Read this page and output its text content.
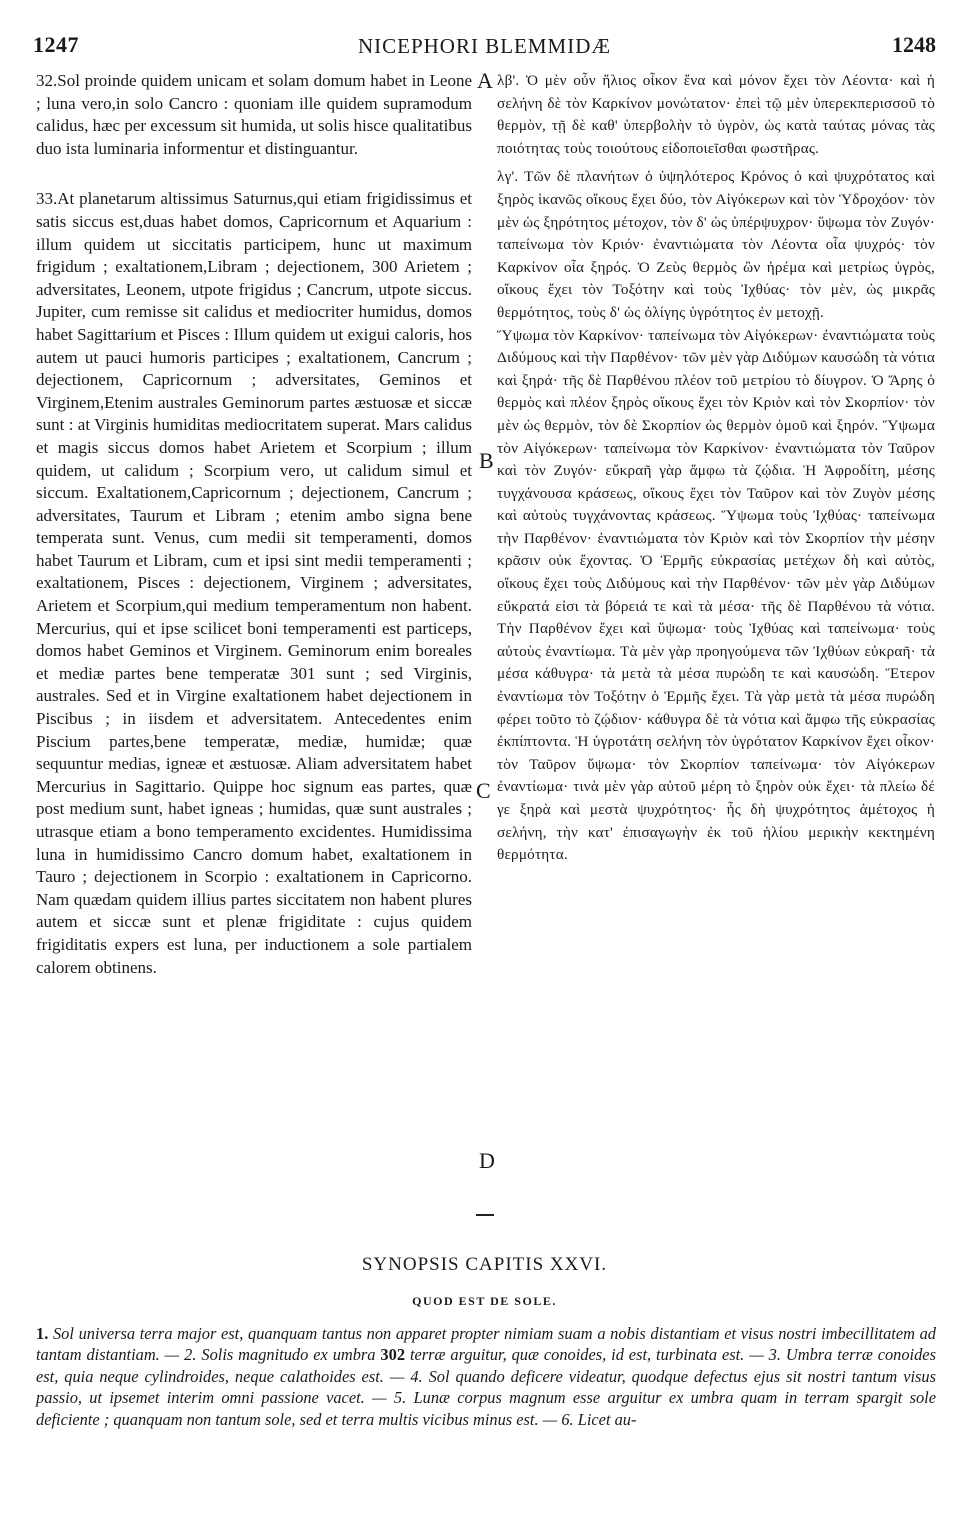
1247	NICEPHORI BLEMMIDÆ	1248

32.Sol proinde quidem unicam et solam domum habet in Leone ; luna vero,in solo Cancro : quoniam ille quidem supramodum calidus, hæc per excessum sit humida, ut solis hisce qualitatibus duo ista luminaria informentur et distinguantur.

33.At planetarum altissimus Saturnus,qui etiam frigidissimus et satis siccus est,duas habet domos, Capricornum et Aquarium : illum quidem ut siccitatis participem, hunc ut maximum frigidum ; exaltationem,Libram ; dejectionem, 300 Arietem ; adversitates, Leonem, utpote frigidus ; Cancrum, utpote siccus. Jupiter, cum remisse sit calidus et mediocriter humidus, domos habet Sagittarium et Pisces : Illum quidem ut exigui caloris, hos autem ut pauci humoris participes ; exaltationem, Cancrum ; dejectionem, Capricornum ; adversitates, Geminos et Virginem,Etenim australes Geminorum partes æstuosæ et siccæ sunt : at Virginis humiditas mediocritatem superat. Mars calidus et magis siccus domos habet Arietem et Scorpium ; illum quidem, ut calidum ; Scorpium vero, ut calidum simul et siccum. Exaltationem,Capricornum ; dejectionem, Cancrum ; adversitates, Taurum et Libram ; etenim ambo signa bene temperata sunt. Venus, cum medii sit temperamenti, domos habet Taurum et Libram, cum et ipsi sint medii temperamenti ; exaltationem, Pisces : dejectionem, Virginem ; adversitates, Arietem et Scorpium,qui medium temperamentum non habent. Mercurius, qui et ipse scilicet boni temperamenti est particeps, domos habet Geminos et Virginem. Geminorum enim boreales et mediæ partes bene temperatæ 301 sunt ; sed Virginis, australes. Sed et in Virgine exaltationem habet dejectionem in Piscibus ; in iisdem et adversitatem. Antecedentes enim Piscium partes,bene temperatæ, mediæ, humidæ; quæ sequuntur medias, igneæ et æstuosæ. Aliam adversitatem habet Mercurius in Sagittario. Quippe hoc signum eas partes, quæ post medium sunt, habet igneas ; humidas, quæ sunt australes ; utrasque etiam a bono temperamento excidentes. Humidissima luna in humidissimo Cancro domum habet, exaltationem in Tauro ; dejectionem in Scorpio : exaltationem in Capricorno. Nam quædam quidem illius partes siccitatem non habent plures autem et siccæ sunt et plenæ frigiditate : cujus quidem frigiditatis expers est luna, per inductionem a sole partialem calorem obtinens.

λβ'. Ὁ μὲν οὖν ἥλιος οἶκον ἕνα καὶ μόνον ἔχει τὸν Λέοντα· καὶ ἡ σελήνη δὲ τὸν Καρκίνον μονώτατον· ἐπεὶ τῷ μὲν ὑπερεκπερισσοῦ τὸ θερμὸν, τῇ δὲ καθ' ὑπερβολὴν τὸ ὑγρὸν, ὡς κατὰ ταύτας μόνας τὰς ποιότητας τοὺς τοιούτους εἰδοποιεῖσθαι φωστῆρας.

λγ'. Τῶν δὲ πλανήτων ὁ ὑψηλότερος Κρόνος ὁ καὶ ψυχρότατος καὶ ξηρὸς ἱκανῶς οἴκους ἔχει δύο, τὸν Αἰγόκερων καὶ τὸν Ὑδροχόον· τὸν μὲν ὡς ξηρότητος μέτοχον, τὸν δ' ὡς ὑπέρψυχρον· ὕψωμα τὸν Ζυγόν· ταπείνωμα τὸν Κριόν· ἐναντιώματα τὸν Λέοντα οἷα ψυχρός· τὸν Καρκίνον οἷα ξηρός. Ὁ Ζεὺς θερμὸς ὢν ἠρέμα καὶ μετρίως ὑγρὸς, οἴκους ἔχει τὸν Τοξότην καὶ τοὺς Ἰχθύας· τὸν μὲν, ὡς μικρᾶς θερμότητος, τοὺς δ' ὡς ὀλίγης ὑγρότητος ἐν μετοχῇ.

Ὕψωμα τὸν Καρκίνον· ταπείνωμα τὸν Αἰγόκερων· ἐναντιώματα τοὺς Διδύμους καὶ τὴν Παρθένον· τῶν μὲν γὰρ Διδύμων καυσώδη τὰ νότια καὶ ξηρά· τῆς δὲ Παρθένου πλέον τοῦ μετρίου τὸ δίυγρον. Ὁ Ἄρης ὁ θερμὸς καὶ πλέον ξηρὸς οἴκους ἔχει τὸν Κριὸν καὶ τὸν Σκορπίον· τὸν μὲν ὡς θερμὸν, τὸν δὲ Σκορπίον ὡς θερμὸν ὁμοῦ καὶ ξηρόν. Ὕψωμα τὸν Αἰγόκερων· ταπείνωμα τὸν Καρκίνον· ἐναντιώματα τὸν Ταῦρον καὶ τὸν Ζυγόν· εὔκραῆ γὰρ ἄμφω τὰ ζῴδια. Ἡ Ἀφροδίτη, μέσης τυγχάνουσα κράσεως, οἴκους ἔχει τὸν Ταῦρον καὶ τὸν Ζυγὸν μέσης καὶ αὐτοὺς τυγχάνοντας κράσεως. Ὕψωμα τοὺς Ἰχθύας· ταπείνωμα τὴν Παρθένον· ἐναντιώματα τὸν Κριὸν καὶ τὸν Σκορπίον τὴν μέσην κρᾶσιν οὐκ ἔχοντας. Ὁ Ἑρμῆς εὐκρασίας μετέχων δὴ καὶ αὐτὸς, οἴκους ἔχει τοὺς Διδύμους καὶ τὴν Παρθένον· τῶν μὲν γὰρ Διδύμων εὔκρατά εἰσι τὰ βόρειά τε καὶ τὰ μέσα· τῆς δὲ Παρθένου τὰ νότια. Τὴν Παρθένον ἔχει καὶ ὕψωμα· τοὺς Ἰχθύας καὶ ταπείνωμα· τοὺς αὐτοὺς ἐναντίωμα. Τὰ μὲν γὰρ προηγούμενα τῶν Ἰχθύων εὐκραῆ· τὰ μέσα κάθυγρα· τὰ μετὰ τὰ μέσα πυρώδη τε καὶ καυσώδη. Ἕτερον ἐναντίωμα τὸν Τοξότην ὁ Ἑρμῆς ἔχει. Τὰ γὰρ μετὰ τὰ μέσα πυρώδη φέρει τοῦτο τὸ ζῴδιον· κάθυγρα δὲ τὰ νότια καὶ ἄμφω τῆς εὐκρασίας ἐκπίπτοντα. Ἡ ὑγροτάτη σελήνη τὸν ὑγρότατον Καρκίνον ἔχει οἶκον· τὸν Ταῦρον ὕψωμα· τὸν Σκορπίον ταπείνωμα· τὸν Αἰγόκερων ἐναντίωμα· τινὰ μὲν γὰρ αὐτοῦ μέρη τὸ ξηρὸν οὐκ ἔχει· τὰ πλείω δέ γε ξηρὰ καὶ μεστὰ ψυχρότητος· ἧς δὴ ψυχρότητος ἀμέτοχος ἡ σελήνη, τὴν κατ' ἐπισαγωγὴν ἐκ τοῦ ἡλίου μερικὴν κεκτημένη θερμότητα.

A
B
C
D
SYNOPSIS CAPITIS XXVI.
QUOD EST DE SOLE.
1. Sol universa terra major est, quanquam tantus non apparet propter nimiam suam a nobis distantiam et visus nostri imbecillitatem ad tantam distantiam. — 2. Solis magnitudo ex umbra 302 terræ arguitur, quæ conoides, id est, turbinata est. — 3. Umbra terræ conoides est, quia neque cylindroides, neque calathoides est. — 4. Sol quando deficere videatur, quodque defectus ejus sit nostri tantum visus passio, ut ipsemet interim omni passione vacet. — 5. Lunæ corpus magnum esse arguitur ex umbra quam in terram spargit sole deficiente ; quanquam non tantum sole, sed et terra multis vicibus minus est. — 6. Licet au-
